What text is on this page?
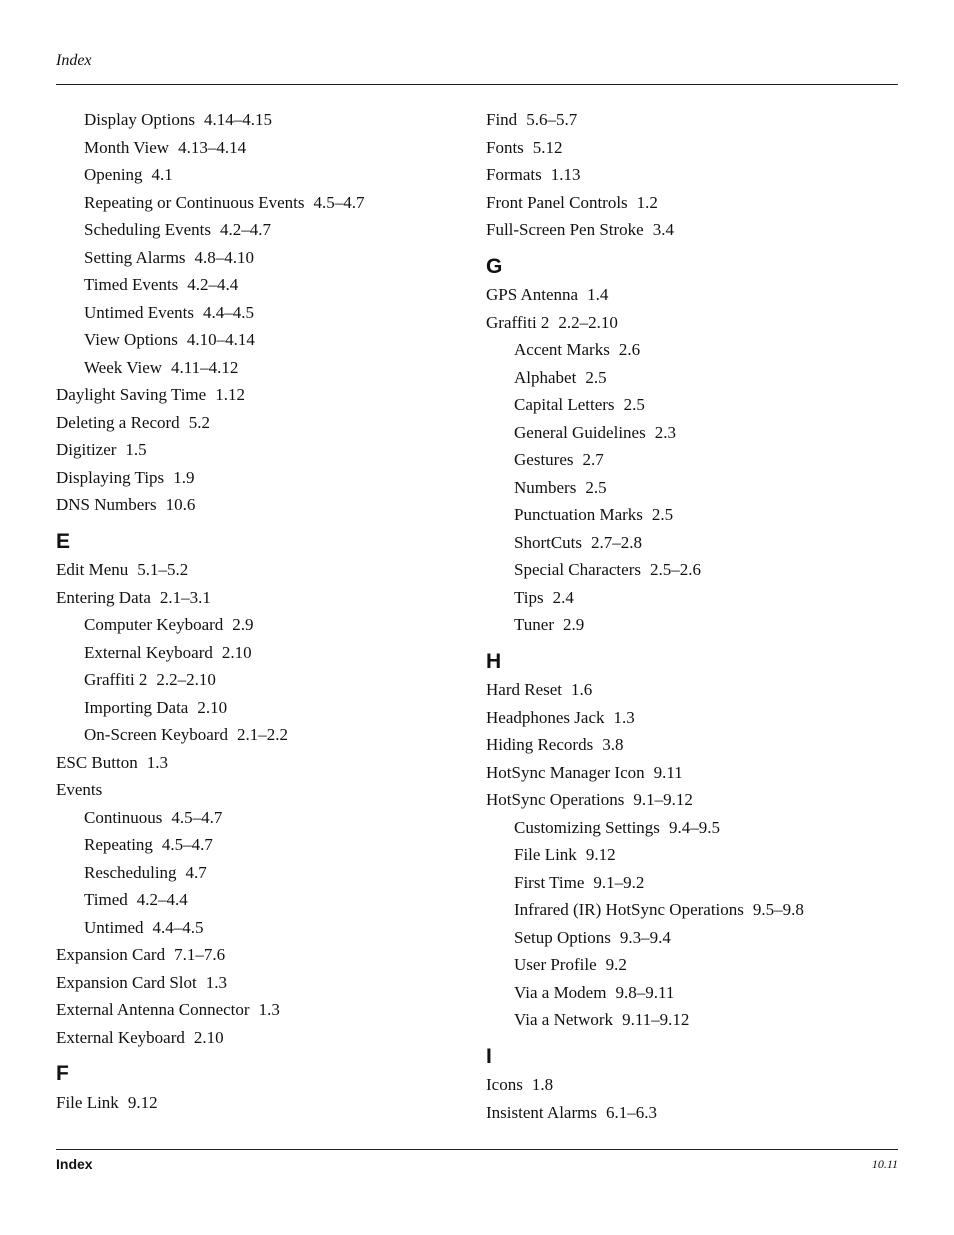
Index
Display Options 4.14–4.15
Month View 4.13–4.14
Opening 4.1
Repeating or Continuous Events 4.5–4.7
Scheduling Events 4.2–4.7
Setting Alarms 4.8–4.10
Timed Events 4.2–4.4
Untimed Events 4.4–4.5
View Options 4.10–4.14
Week View 4.11–4.12
Daylight Saving Time 1.12
Deleting a Record 5.2
Digitizer 1.5
Displaying Tips 1.9
DNS Numbers 10.6
E
Edit Menu 5.1–5.2
Entering Data 2.1–3.1
Computer Keyboard 2.9
External Keyboard 2.10
Graffiti 2 2.2–2.10
Importing Data 2.10
On-Screen Keyboard 2.1–2.2
ESC Button 1.3
Events
Continuous 4.5–4.7
Repeating 4.5–4.7
Rescheduling 4.7
Timed 4.2–4.4
Untimed 4.4–4.5
Expansion Card 7.1–7.6
Expansion Card Slot 1.3
External Antenna Connector 1.3
External Keyboard 2.10
F
File Link 9.12
Find 5.6–5.7
Fonts 5.12
Formats 1.13
Front Panel Controls 1.2
Full-Screen Pen Stroke 3.4
G
GPS Antenna 1.4
Graffiti 2 2.2–2.10
Accent Marks 2.6
Alphabet 2.5
Capital Letters 2.5
General Guidelines 2.3
Gestures 2.7
Numbers 2.5
Punctuation Marks 2.5
ShortCuts 2.7–2.8
Special Characters 2.5–2.6
Tips 2.4
Tuner 2.9
H
Hard Reset 1.6
Headphones Jack 1.3
Hiding Records 3.8
HotSync Manager Icon 9.11
HotSync Operations 9.1–9.12
Customizing Settings 9.4–9.5
File Link 9.12
First Time 9.1–9.2
Infrared (IR) HotSync Operations 9.5–9.8
Setup Options 9.3–9.4
User Profile 9.2
Via a Modem 9.8–9.11
Via a Network 9.11–9.12
I
Icons 1.8
Insistent Alarms 6.1–6.3
Index	10.11
